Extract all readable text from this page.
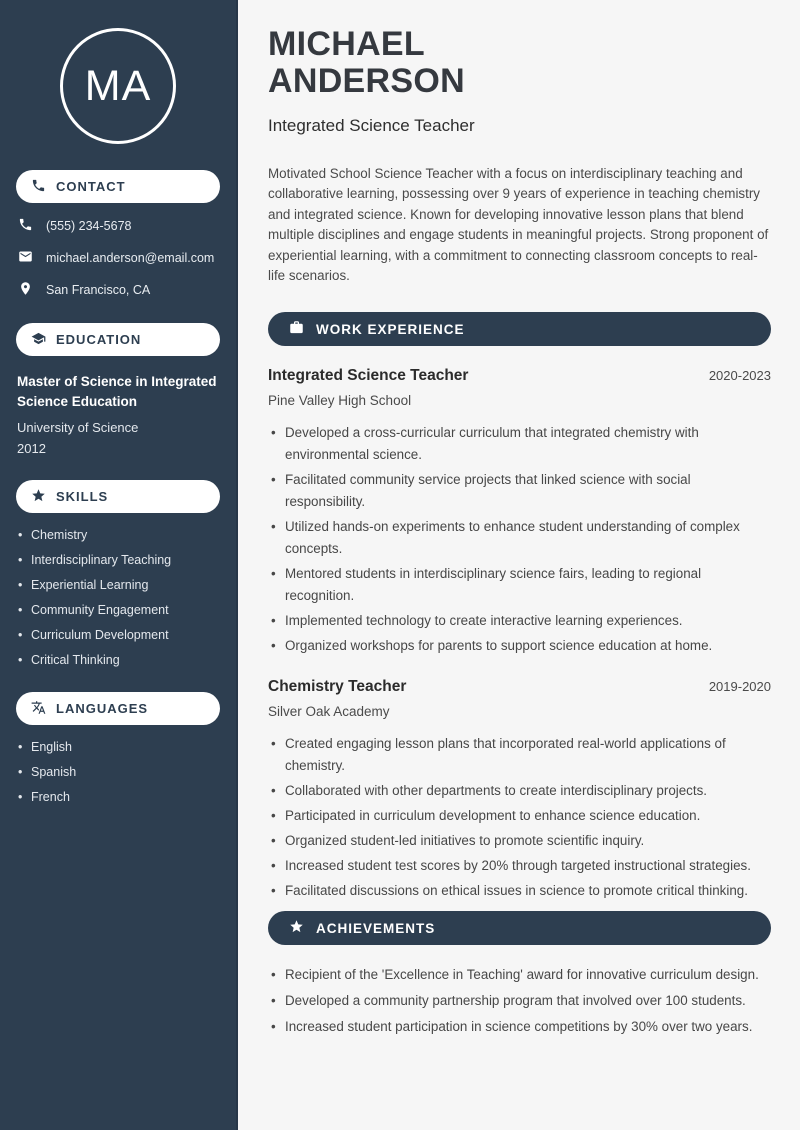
MA
CONTACT
(555) 234-5678
michael.anderson@email.com
San Francisco, CA
EDUCATION
Master of Science in Integrated Science Education
University of Science
2012
SKILLS
• Chemistry
• Interdisciplinary Teaching
• Experiential Learning
• Community Engagement
• Curriculum Development
• Critical Thinking
LANGUAGES
• English
• Spanish
• French
MICHAEL
ANDERSON
Integrated Science Teacher

Motivated School Science Teacher with a focus on interdisciplinary teaching and collaborative learning, possessing over 9 years of experience in teaching chemistry and integrated science. Known for developing innovative lesson plans that blend multiple disciplines and engage students in meaningful projects. Strong proponent of experiential learning, with a commitment to connecting classroom concepts to real-life scenarios.

WORK EXPERIENCE
Integrated Science Teacher	2020-2023
Pine Valley High School
• Developed a cross-curricular curriculum that integrated chemistry with environmental science.
• Facilitated community service projects that linked science with social responsibility.
• Utilized hands-on experiments to enhance student understanding of complex concepts.
• Mentored students in interdisciplinary science fairs, leading to regional recognition.
• Implemented technology to create interactive learning experiences.
• Organized workshops for parents to support science education at home.
Chemistry Teacher	2019-2020
Silver Oak Academy
• Created engaging lesson plans that incorporated real-world applications of chemistry.
• Collaborated with other departments to create interdisciplinary projects.
• Participated in curriculum development to enhance science education.
• Organized student-led initiatives to promote scientific inquiry.
• Increased student test scores by 20% through targeted instructional strategies.
• Facilitated discussions on ethical issues in science to promote critical thinking.
ACHIEVEMENTS
• Recipient of the 'Excellence in Teaching' award for innovative curriculum design.
• Developed a community partnership program that involved over 100 students.
• Increased student participation in science competitions by 30% over two years.
